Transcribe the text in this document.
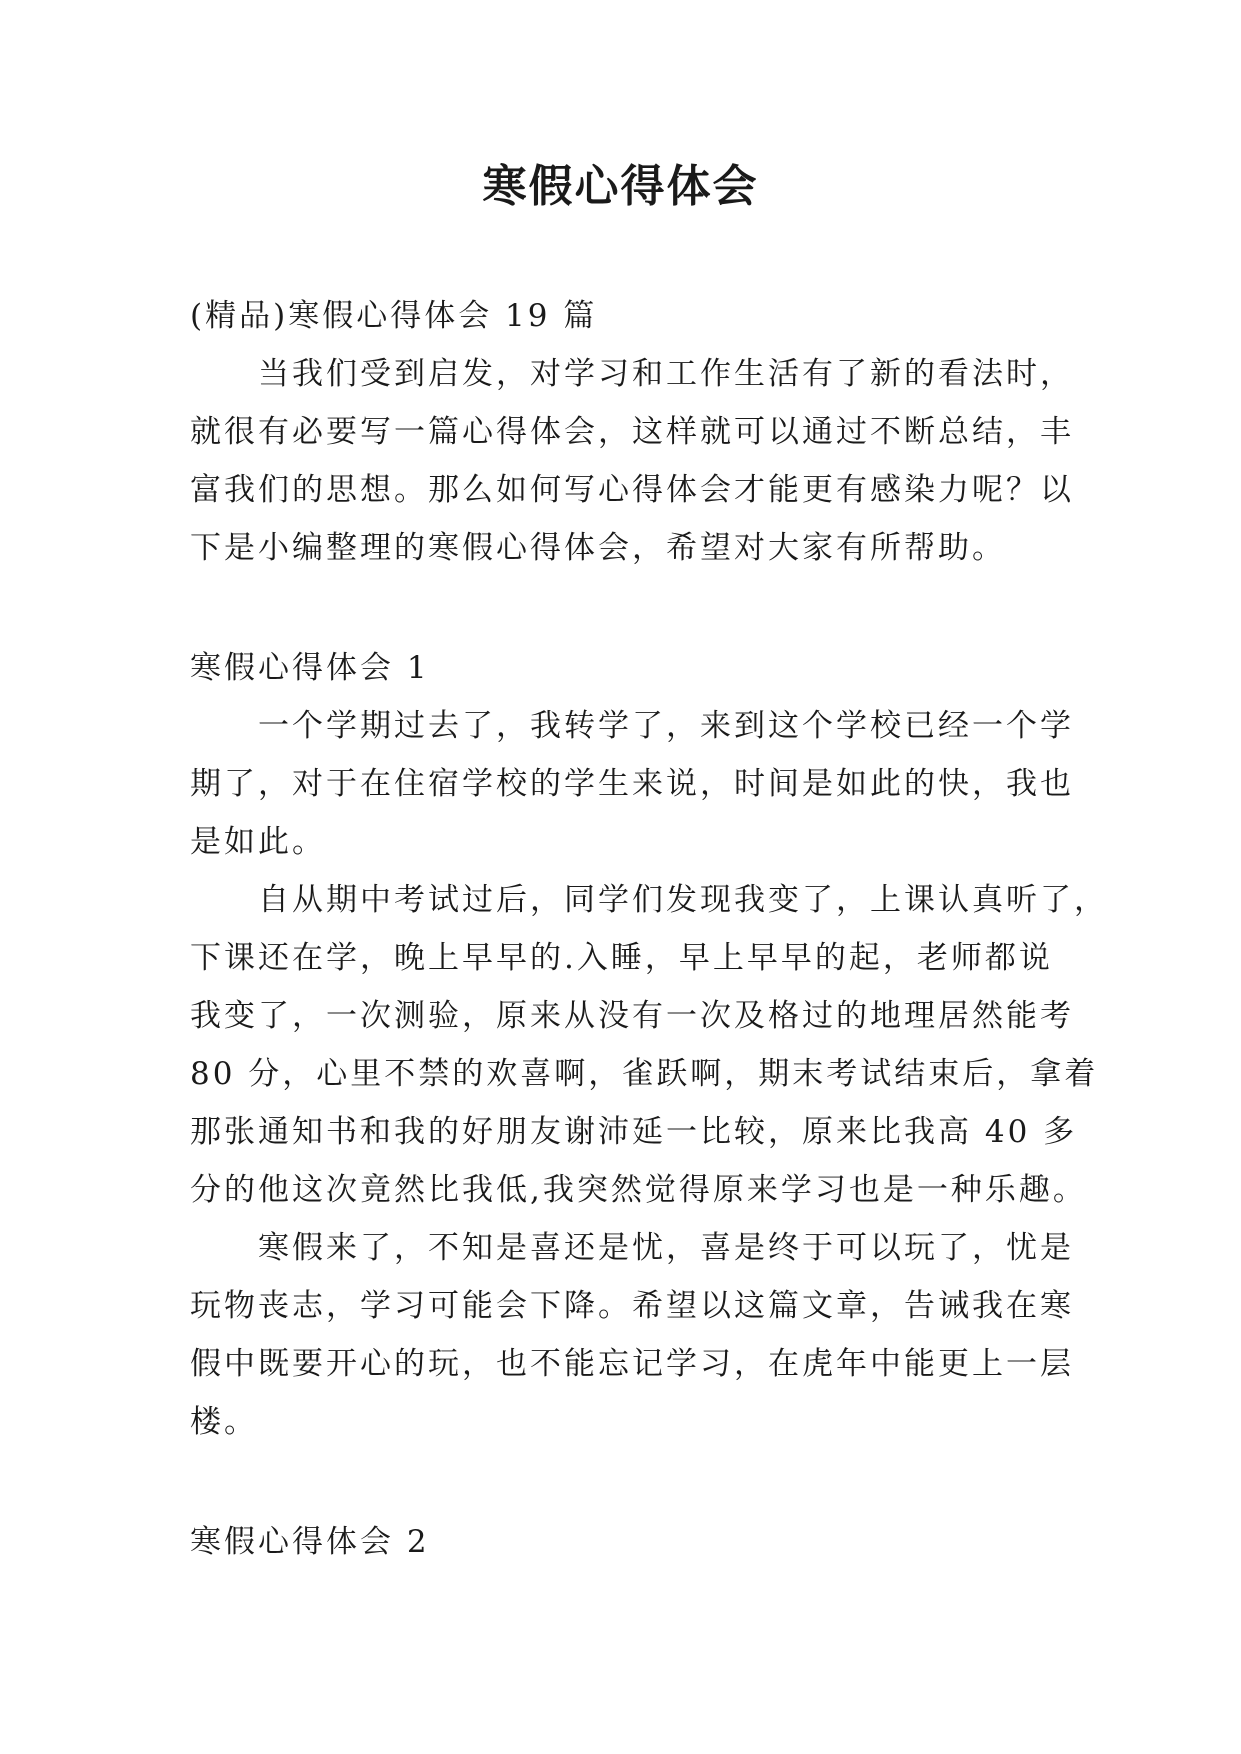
寒假心得体会

(精品)寒假心得体会 19 篇

当我们受到启发，对学习和工作生活有了新的看法时，

就很有必要写一篇心得体会，这样就可以通过不断总结，丰

富我们的思想。那么如何写心得体会才能更有感染力呢？以

下是小编整理的寒假心得体会，希望对大家有所帮助。

寒假心得体会 1

一个学期过去了，我转学了，来到这个学校已经一个学

期了，对于在住宿学校的学生来说，时间是如此的快，我也

是如此。

自从期中考试过后，同学们发现我变了，上课认真听了，

下课还在学，晚上早早的.入睡，早上早早的起，老师都说

我变了，一次测验，原来从没有一次及格过的地理居然能考

80 分，心里不禁的欢喜啊，雀跃啊，期末考试结束后，拿着

那张通知书和我的好朋友谢沛延一比较，原来比我高 40 多

分的他这次竟然比我低,我突然觉得原来学习也是一种乐趣。

寒假来了，不知是喜还是忧，喜是终于可以玩了，忧是

玩物丧志，学习可能会下降。希望以这篇文章，告诫我在寒

假中既要开心的玩，也不能忘记学习，在虎年中能更上一层

楼。

寒假心得体会 2
